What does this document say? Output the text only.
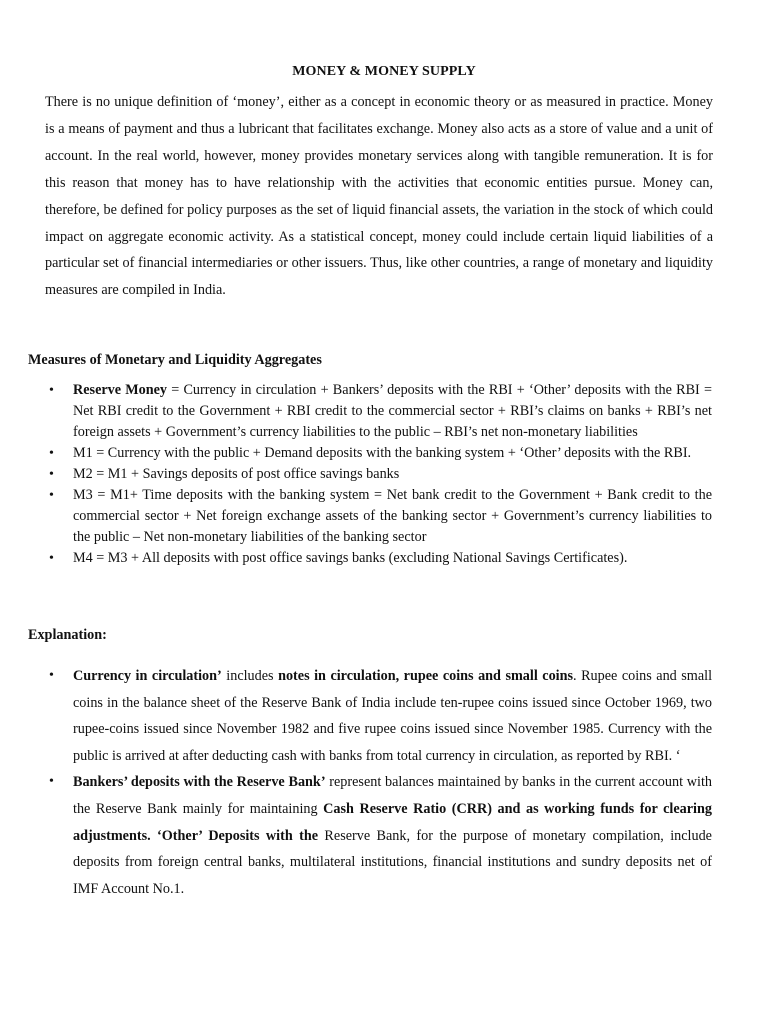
MONEY & MONEY SUPPLY

There is no unique definition of ‘money’, either as a concept in economic theory or as measured in practice. Money is a means of payment and thus a lubricant that facilitates exchange. Money also acts as a store of value and a unit of account. In the real world, however, money provides monetary services along with tangible remuneration. It is for this reason that money has to have relationship with the activities that economic entities pursue. Money can, therefore, be defined for policy purposes as the set of liquid financial assets, the variation in the stock of which could impact on aggregate economic activity. As a statistical concept, money could include certain liquid liabilities of a particular set of financial intermediaries or other issuers. Thus, like other countries, a range of monetary and liquidity measures are compiled in India.

Measures of Monetary and Liquidity Aggregates

• Reserve Money = Currency in circulation + Bankers’ deposits with the RBI + ‘Other’ deposits with the RBI = Net RBI credit to the Government + RBI credit to the commercial sector + RBI’s claims on banks + RBI’s net foreign assets + Government’s currency liabilities to the public – RBI’s net non-monetary liabilities
• M1 = Currency with the public + Demand deposits with the banking system + ‘Other’ deposits with the RBI.
• M2 = M1 + Savings deposits of post office savings banks
• M3 = M1+ Time deposits with the banking system = Net bank credit to the Government + Bank credit to the commercial sector + Net foreign exchange assets of the banking sector + Government’s currency liabilities to the public – Net non-monetary liabilities of the banking sector
• M4 = M3 + All deposits with post office savings banks (excluding National Savings Certificates).

Explanation:

• Currency in circulation’ includes notes in circulation, rupee coins and small coins. Rupee coins and small coins in the balance sheet of the Reserve Bank of India include ten-rupee coins issued since October 1969, two rupee-coins issued since November 1982 and five rupee coins issued since November 1985. Currency with the public is arrived at after deducting cash with banks from total currency in circulation, as reported by RBI. ‘
• Bankers’ deposits with the Reserve Bank’ represent balances maintained by banks in the current account with the Reserve Bank mainly for maintaining Cash Reserve Ratio (CRR) and as working funds for clearing adjustments. ‘Other’ Deposits with the Reserve Bank, for the purpose of monetary compilation, include deposits from foreign central banks, multilateral institutions, financial institutions and sundry deposits net of IMF Account No.1.
